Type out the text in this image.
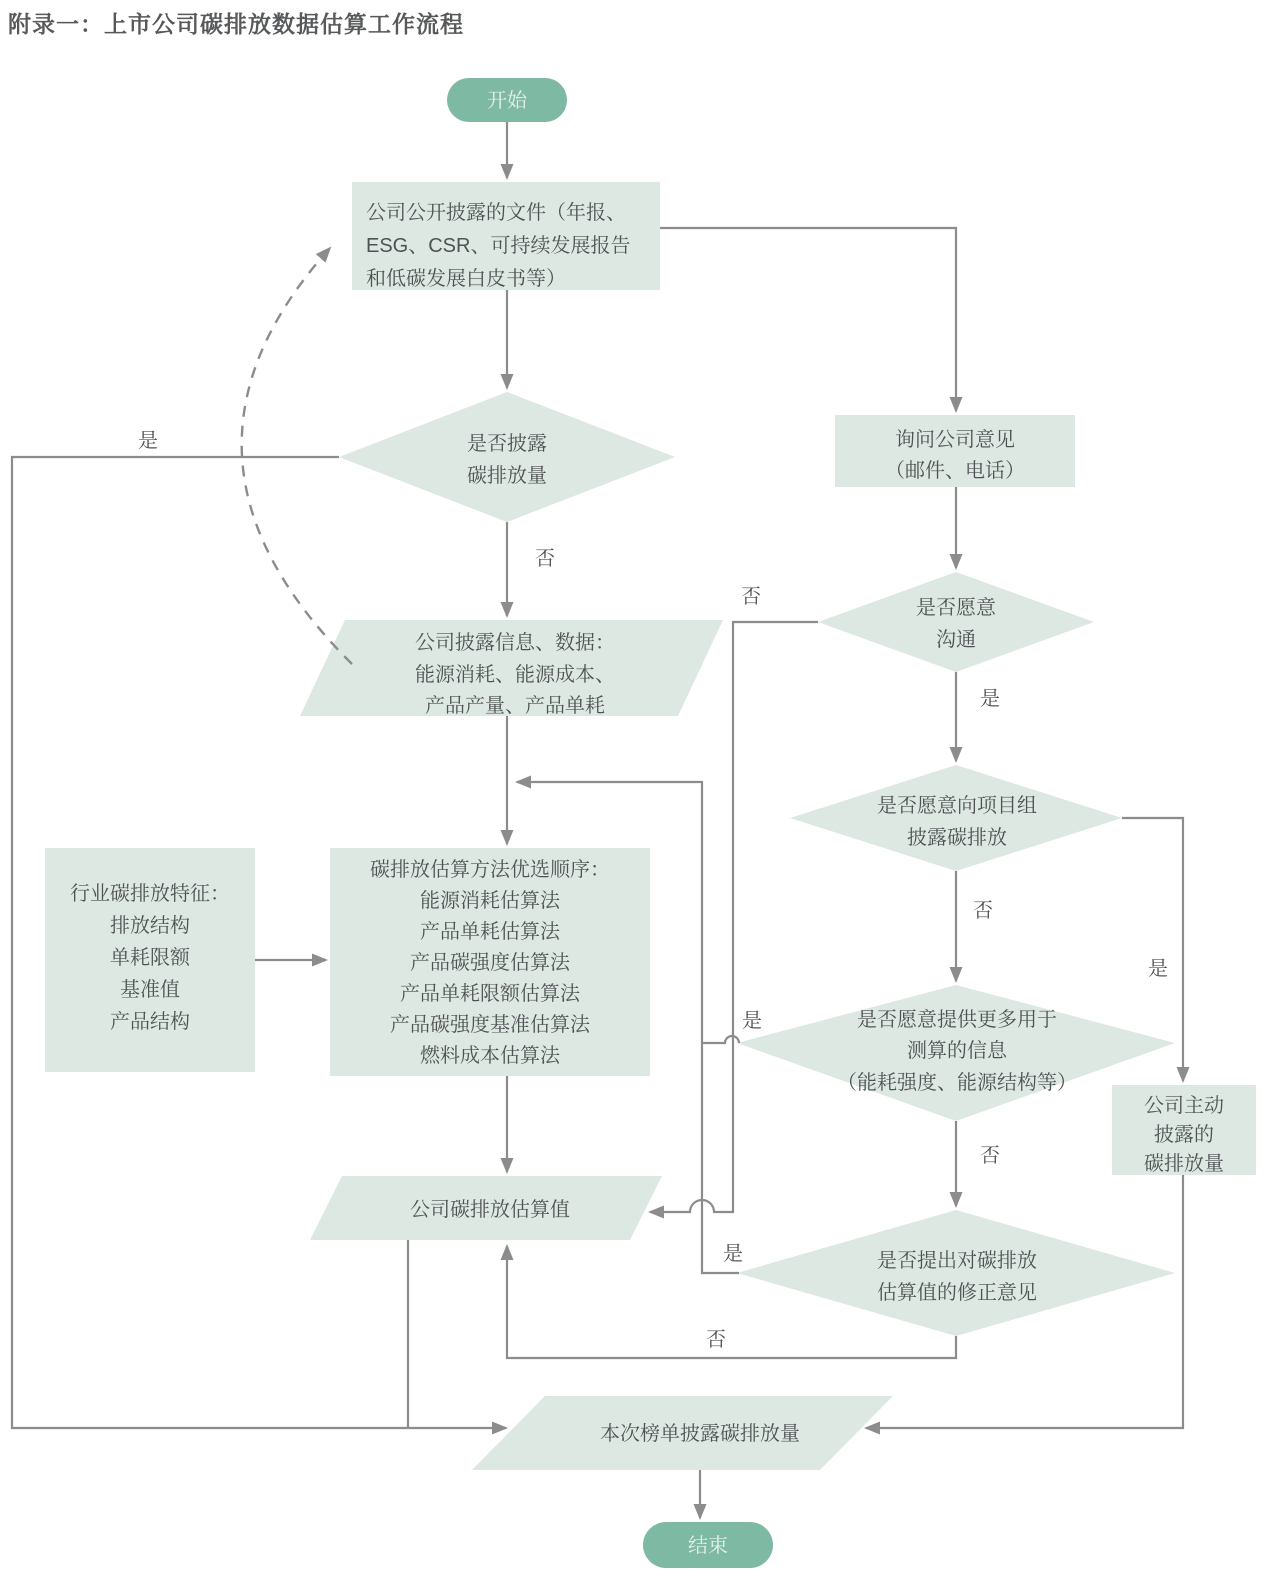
附录一：上市公司碳排放数据估算工作流程
开始
公司公开披露的文件（年报、
ESG、CSR、可持续发展报告
和低碳发展白皮书等）
是否披露
碳排放量
询问公司意见
（邮件、电话）
公司披露信息、数据：
能源消耗、能源成本、
产品产量、产品单耗
行业碳排放特征：
排放结构
单耗限额
基准值
产品结构
碳排放估算方法优选顺序：
能源消耗估算法
产品单耗估算法
产品碳强度估算法
产品单耗限额估算法
产品碳强度基准估算法
燃料成本估算法
是否愿意
沟通
是否愿意向项目组
披露碳排放
是否愿意提供更多用于
测算的信息
（能耗强度、能源结构等）
公司主动
披露的
碳排放量
公司碳排放估算值
是否提出对碳排放
估算值的修正意见
本次榜单披露碳排放量
结束
是
否
否
是
否
是
是
否
是
否
